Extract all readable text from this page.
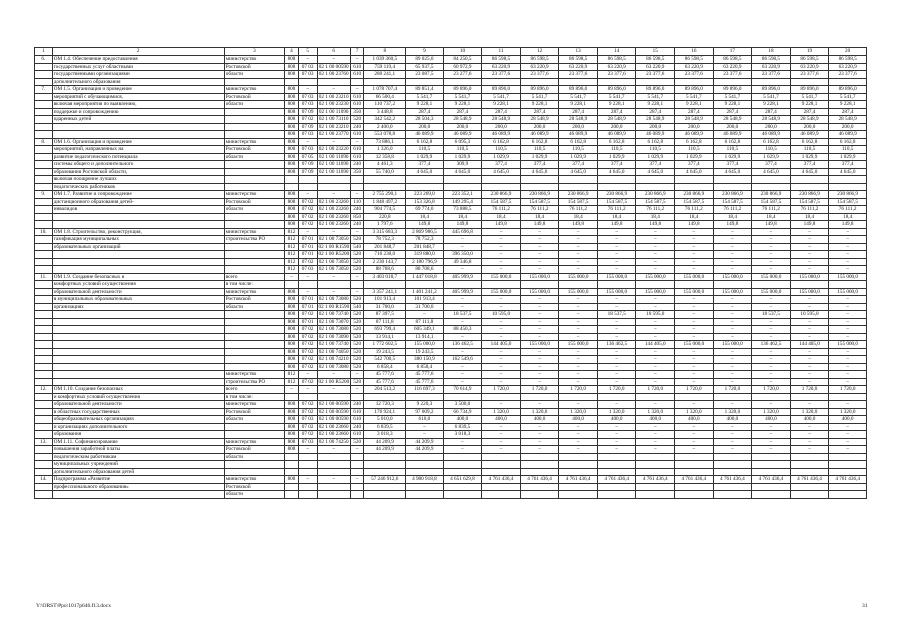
1	2	3	4	5	6	7	8	9	10	11	12	13	14	15	16	17	18	19	20
6.	ОМ 1.4. Обеспечение предоставления	министерство	808	–	–	–	1 039 360,5	89 025,0	84 250,5	86 598,5	86 598,5	86 598,5	86 598,5	86 598,5	86 598,5	86 598,5	86 598,5	86 598,5	86 598,5
	государственных услуг областными	Ростовской	808	07 03	02 1 00 00590	610	759 119,4	65 937,5	60 972,9	63 220,9	63 220,9	63 220,9	63 220,9	63 220,9	63 220,9	63 220,9	63 220,9	63 220,9	63 220,9
	государственными организациями	области	808	07 03	02 1 00 23760	610	280 241,1	23 087,5	23 277,6	23 377,6	23 377,6	23 377,6	23 377,6	23 377,6	23 377,6	23 377,6	23 377,6	23 377,6	23 377,6
	дополнительного образования																		
7.	ОМ 1.5. Организация и проведение	министерство	808	–	–	–	1 078 707,4	89 851,4	89 896,0	89 896,0	89 896,0	89 896,0	89 896,0	89 896,0	89 896,0	89 896,0	89 896,0	89 896,0	89 896,0
	мероприятий с обучающимися,	Ростовской	808	07 03	02 1 00 23210	610	66 500,4	5 541,7	5 541,7	5 541,7	5 541,7	5 541,7	5 541,7	5 541,7	5 541,7	5 541,7	5 541,7	5 541,7	5 541,7
	включая мероприятия по выявлению,	области	808	07 03	02 1 00 23230	610	110 737,2	9 228,1	9 228,1	9 228,1	9 228,1	9 228,1	9 228,1	9 228,1	9 228,1	9 228,1	9 228,1	9 228,1	9 228,1
	поддержке и сопровождению		808	07 09	02 1 00 11090	350	3 448,8	287,4	287,4	287,4	287,4	287,4	287,4	287,4	287,4	287,4	287,4	287,4	287,4
	одаренных детей		808	07 02	02 1 00 73110	520	342 542,2	28 504,3	28 548,9	28 548,9	28 548,9	28 548,9	28 548,9	28 548,9	28 548,9	28 548,9	28 548,9	28 548,9	28 548,9
			808	07 09	02 1 00 23210	240	2 400,0	200,0	200,0	200,0	200,0	200,0	200,0	200,0	200,0	200,0	200,0	200,0	200,0
			808	07 03	02 1 00 23770	610	553 078,8	46 089,9	46 089,9	46 089,9	46 089,9	46 089,9	46 089,9	46 089,9	46 089,9	46 089,9	46 089,9	46 089,9	46 089,9
8.	ОМ 1.6. Организация и проведение	министерство	808	–	–	–	73 886,1	6 162,8	6 095,3	6 162,8	6 162,8	6 162,8	6 162,8	6 162,8	6 162,8	6 162,8	6 162,8	6 162,8	6 162,8
	мероприятий, направленных на	Ростовской	808	07 03	02 1 00 23220	610	1 326,0	110,5	110,5	110,5	110,5	110,5	110,5	110,5	110,5	110,5	110,5	110,5	110,5
	развитие педагогического потенциала	области	808	07 05	02 1 00 11090	610	12 358,8	1 029,9	1 029,9	1 029,9	1 029,9	1 029,9	1 029,9	1 029,9	1 029,9	1 029,9	1 029,9	1 029,9	1 029,9
	системы общего и дополнительного		808	07 09	02 1 00 11090	240	4 461,3	377,4	309,9	377,4	377,4	377,4	377,4	377,4	377,4	377,4	377,4	377,4	377,4
	образования Ростовской области,		808	07 09	02 1 00 11090	350	55 740,0	4 645,0	4 645,0	4 645,0	4 645,0	4 645,0	4 645,0	4 645,0	4 645,0	4 645,0	4 645,0	4 645,0	4 645,0
	включая поощрение лучших																		
	педагогических работников																		
9.	ОМ 1.7. Развитие и сопровождение	министерство	808	–	–	–	2 755 290,1	223 269,0	223 352,1	230 866,9	230 866,9	230 866,9	230 866,9	230 866,9	230 866,9	230 866,9	230 866,9	230 866,9	230 866,9
	дистанционного образования детей-	Ростовской	808	07 02	02 1 00 23260	110	1 848 497,2	153 326,8	149 295,4	154 587,5	154 587,5	154 587,5	154 587,5	154 587,5	154 587,5	154 587,5	154 587,5	154 587,5	154 587,5
	инвалидов	области	808	07 02	02 1 00 23260	240	904 774,5	69 774,0	73 888,5	76 111,2	76 111,2	76 111,2	76 111,2	76 111,2	76 111,2	76 111,2	76 111,2	76 111,2	76 111,2
			808	07 02	02 1 00 23260	850	220,8	18,4	18,4	18,4	18,4	18,4	18,4	18,4	18,4	18,4	18,4	18,4	18,4
			808	07 02	02 1 00 23260	240	1 797,6	149,8	149,8	149,8	149,8	149,8	149,8	149,8	149,8	149,8	149,8	149,8	149,8
10.	ОМ 1.8. Строительство, реконструкция,	министерство	812	–	–	–	3 315 683,3	2 869 986,5	445 696,8	–	–	–	–	–	–	–	–	–	–
	газификация муниципальных	строительства РО	812	07 01	02 1 00 73050	520	78 752,3	78 752,3	–	–	–	–	–	–	–	–	–	–	–
	образовательных организаций		812	07 01	02 1 00 R1590	540	201 848,7	201 848,7	–	–	–	–	–	–	–	–	–	–	–
			812	07 01	02 1 00 R5200	520	716 230,0	319 880,0	396 350,0	–	–	–	–	–	–	–	–	–	–
			812	07 02	02 1 00 73050	520	2 230 143,7	2 180 796,9	49 346,8	–	–	–	–	–	–	–	–	–	–
			812	07 03	02 1 00 73050	520	88 708,6	88 708,6	–	–	–	–	–	–	–	–	–	–	–
11.	ОМ 1.9. Создание безопасных и	всего	–	–	–	–	3 403 018,7	1 447 018,8	405 999,9	155 000,0	155 000,0	155 000,0	155 000,0	155 000,0	155 000,0	155 000,0	155 000,0	155 000,0	155 000,0
	комфортных условий осуществления	в том числе:																	
	образовательной деятельности	министерство	808	–	–	–	3 357 241,1	1 401 241,2	405 999,9	155 000,0	155 000,0	155 000,0	155 000,0	155 000,0	155 000,0	155 000,0	155 000,0	155 000,0	155 000,0
	в муниципальных образовательных	Ростовской	808	07 01	02 1 00 73080	520	101 913,4	101 913,4	–	–	–	–	–	–	–	–	–	–	–
	организациях	области	808	07 01	02 1 00 R1590	540	31 700,0	31 700,0	–	–	–	–	–	–	–	–	–	–	–
			808	07 02	02 1 00 73740	520	87 397,5	–	18 537,5	10 595,0	–	–	18 537,5	10 595,0	–	–	18 537,5	10 595,0	–
			808	07 01	02 1 00 73070	520	87 111,8	87 111,8	–	–	–	–	–	–	–	–	–	–	–
			808	07 02	02 1 00 73080	520	693 799,4	605 349,1	88 450,3	–	–	–	–	–	–	–	–	–	–
			808	07 02	02 1 00 73090	520	13 914,1	13 914,1	–	–	–	–	–	–	–	–	–	–	–
			808	07 02	02 1 00 73740	520	1 772 602,5	155 000,0	136 462,5	144 405,0	155 000,0	155 000,0	136 462,5	144 405,0	155 000,0	155 000,0	136 462,5	144 405,0	155 000,0
			808	07 02	02 1 00 74050	520	19 243,5	19 243,5	–	–	–	–	–	–	–	–	–	–	–
			808	07 02	02 1 00 74210	520	542 700,5	380 150,9	162 549,6	–	–	–	–	–	–	–	–	–	–
			808	07 02	02 1 00 73080	520	6 858,4	6 858,4	–	–	–	–	–	–	–	–	–	–	–
		министерство	812	–	–	–	45 777,6	45 777,6	–	–	–	–	–	–	–	–	–	–	–
		строительства РО	812	07 02	02 1 00 R5200	520	45 777,6	45 777,6	–	–	–	–	–	–	–	–	–	–	–
12.	ОМ 1.10. Создание безопасных	всего	–	–	–	–	204 513,2	116 697,3	70 614,9	1 720,0	1 720,0	1 720,0	1 720,0	1 720,0	1 720,0	1 720,0	1 720,0	1 720,0	1 720,0
	и комфортных условий осуществления	в том числе:																	
	образовательной деятельности	министерство	808	07 02	02 1 00 00590	240	12 720,3	9 220,3	3 500,0	–	–	–	–	–	–	–	–	–	–
	в областных государственных	Ростовской	808	07 02	02 1 00 00590	610	176 924,1	97 009,2	66 734,9	1 320,0	1 320,0	1 320,0	1 320,0	1 320,0	1 320,0	1 320,0	1 320,0	1 320,0	1 320,0
	общеобразовательных организациях	области	808	07 03	02 1 00 00590	610	5 010,0	610,0	400,0	400,0	400,0	400,0	400,0	400,0	400,0	400,0	400,0	400,0	400,0
	и организациях дополнительного		808	07 02	02 1 00 23660	240	6 839,5	–	6 839,5	–	–	–	–	–	–	–	–	–	–
	образования		808	07 02	02 1 00 23660	610	3 018,3	–	3 018,3	–	–	–	–	–	–	–	–	–	–
13.	ОМ 1.11. Софинансирование	министерство	808	07 03	02 1 00 74250	520	44 209,9	44 209,9	–	–	–	–	–	–	–	–	–	–	–
	повышения заработной платы	Ростовской	808	–	–	–	44 209,9	44 209,9	–	–	–	–	–	–	–	–	–	–	–
	педагогическим работникам	области																	
	муниципальных учреждений																		
	дополнительного образования детей																		
14.	Подпрограмма «Развитие	министерство	808	–	–	–	57 246 912,6	4 980 918,8	4 651 629,8	4 761 436,4	4 761 436,4	4 761 436,4	4 761 436,4	4 761 436,4	4 761 436,4	4 761 436,4	4 761 436,4	4 761 436,4	4 761 436,4
	профессионального образования»	Ростовской																	
		области																	
Y:\ORST\Ppo\1017p646.f13.docx	31
